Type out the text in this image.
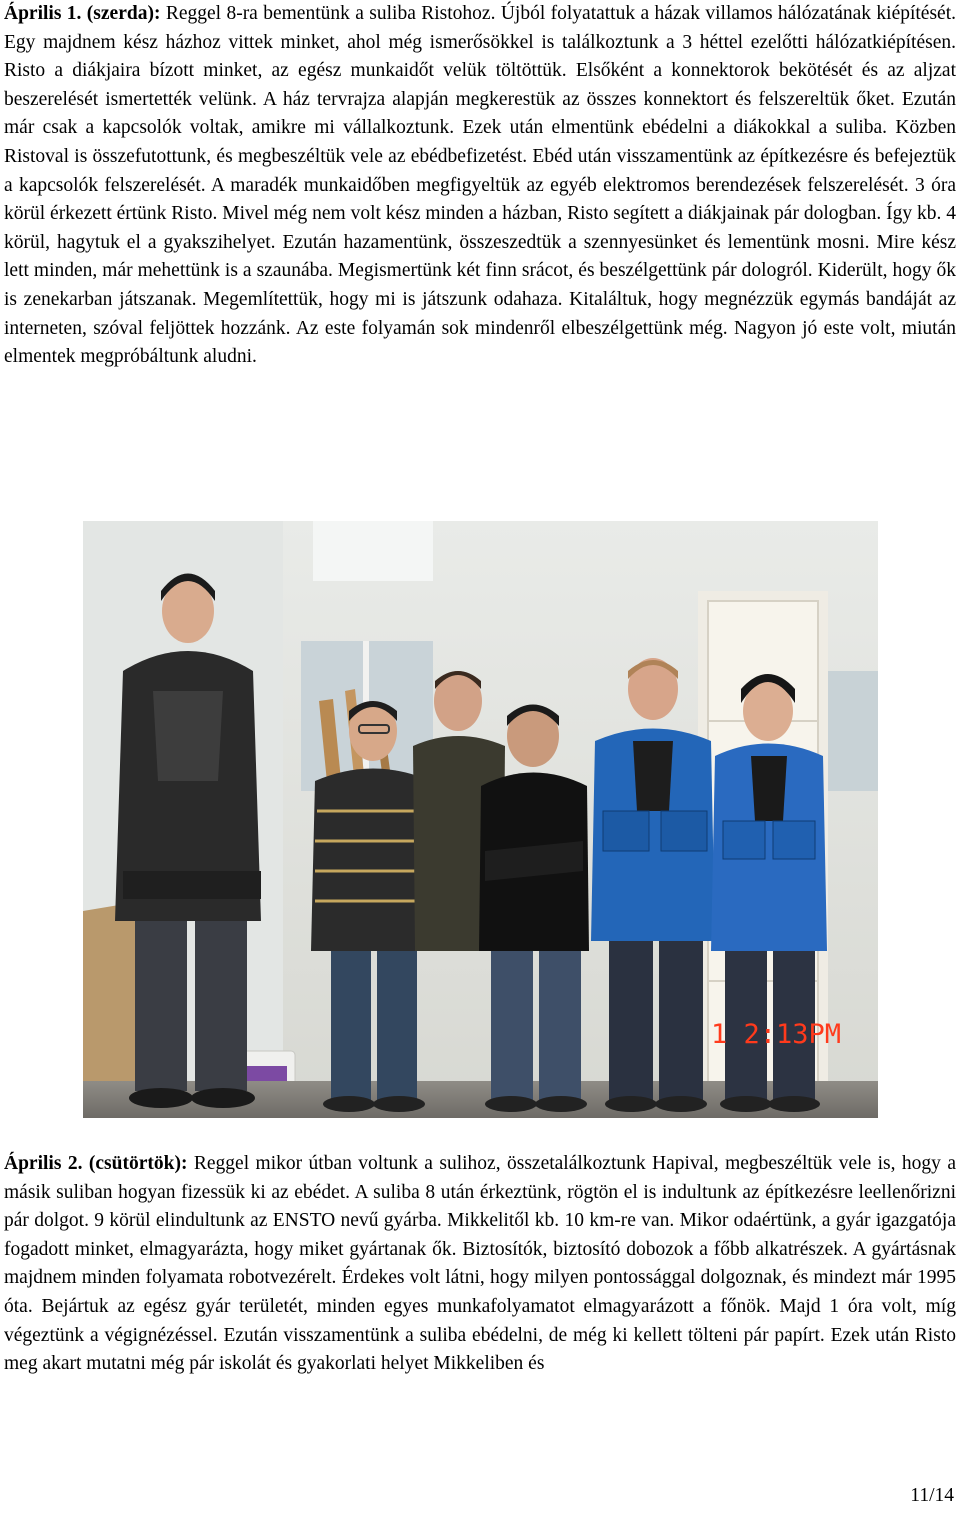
Április 1. (szerda): Reggel 8-ra bementünk a suliba Ristohoz. Újból folyatattuk a házak villamos hálózatának kiépítését. Egy majdnem kész házhoz vittek minket, ahol még ismerősökkel is találkoztunk a 3 héttel ezelőtti hálózatkiépítésen. Risto a diákjaira bízott minket, az egész munkaidőt velük töltöttük. Elsőként a konnektorok bekötését és az aljzat beszerelését ismertették velünk. A ház tervrajza alapján megkerestük az összes konnektort és felszereltük őket. Ezután már csak a kapcsolók voltak, amikre mi vállalkoztunk. Ezek után elmentünk ebédelni a diákokkal a suliba. Közben Ristoval is összefutottunk, és megbeszéltük vele az ebédbefizetést. Ebéd után visszamentünk az építkezésre és befejeztük a kapcsolók felszerelését. A maradék munkaidőben megfigyeltük az egyéb elektromos berendezések felszerelését. 3 óra körül érkezett értünk Risto. Mivel még nem volt kész minden a házban, Risto segített a diákjainak pár dologban. Így kb. 4 körül, hagytuk el a gyakszihelyet. Ezután hazamentünk, összeszedtük a szennyesünket és lementünk mosni. Mire kész lett minden, már mehettünk is a szaunába. Megismertünk két finn srácot, és beszélgettünk pár dologról. Kiderült, hogy ők is zenekarban játszanak. Megemlítettük, hogy mi is játszunk odahaza. Kitaláltuk, hogy megnézzük egymás bandáját az interneten, szóval feljöttek hozzánk. Az este folyamán sok mindenről elbeszélgettünk még. Nagyon jó este volt, miután elmentek megpróbáltunk aludni.

1 2:13PM

Április 2. (csütörtök): Reggel mikor útban voltunk a sulihoz, összetalálkoztunk Hapival, megbeszéltük vele is, hogy a másik suliban hogyan fizessük ki az ebédet. A suliba 8 után érkeztünk, rögtön el is indultunk az építkezésre leellenőrizni pár dolgot. 9 körül elindultunk az ENSTO nevű gyárba. Mikkelitől kb. 10 km-re van. Mikor odaértünk, a gyár igazgatója fogadott minket, elmagyarázta, hogy miket gyártanak ők. Biztosítók, biztosító dobozok a főbb alkatrészek. A gyártásnak majdnem minden folyamata robotvezérelt. Érdekes volt látni, hogy milyen pontossággal dolgoznak, és mindezt már 1995 óta. Bejártuk az egész gyár területét, minden egyes munkafolyamatot elmagyarázott a főnök. Majd 1 óra volt, míg végeztünk a végignézéssel. Ezután visszamentünk a suliba ebédelni, de még ki kellett tölteni pár papírt. Ezek után Risto meg akart mutatni még pár iskolát és gyakorlati helyet Mikkeliben és

11/14
